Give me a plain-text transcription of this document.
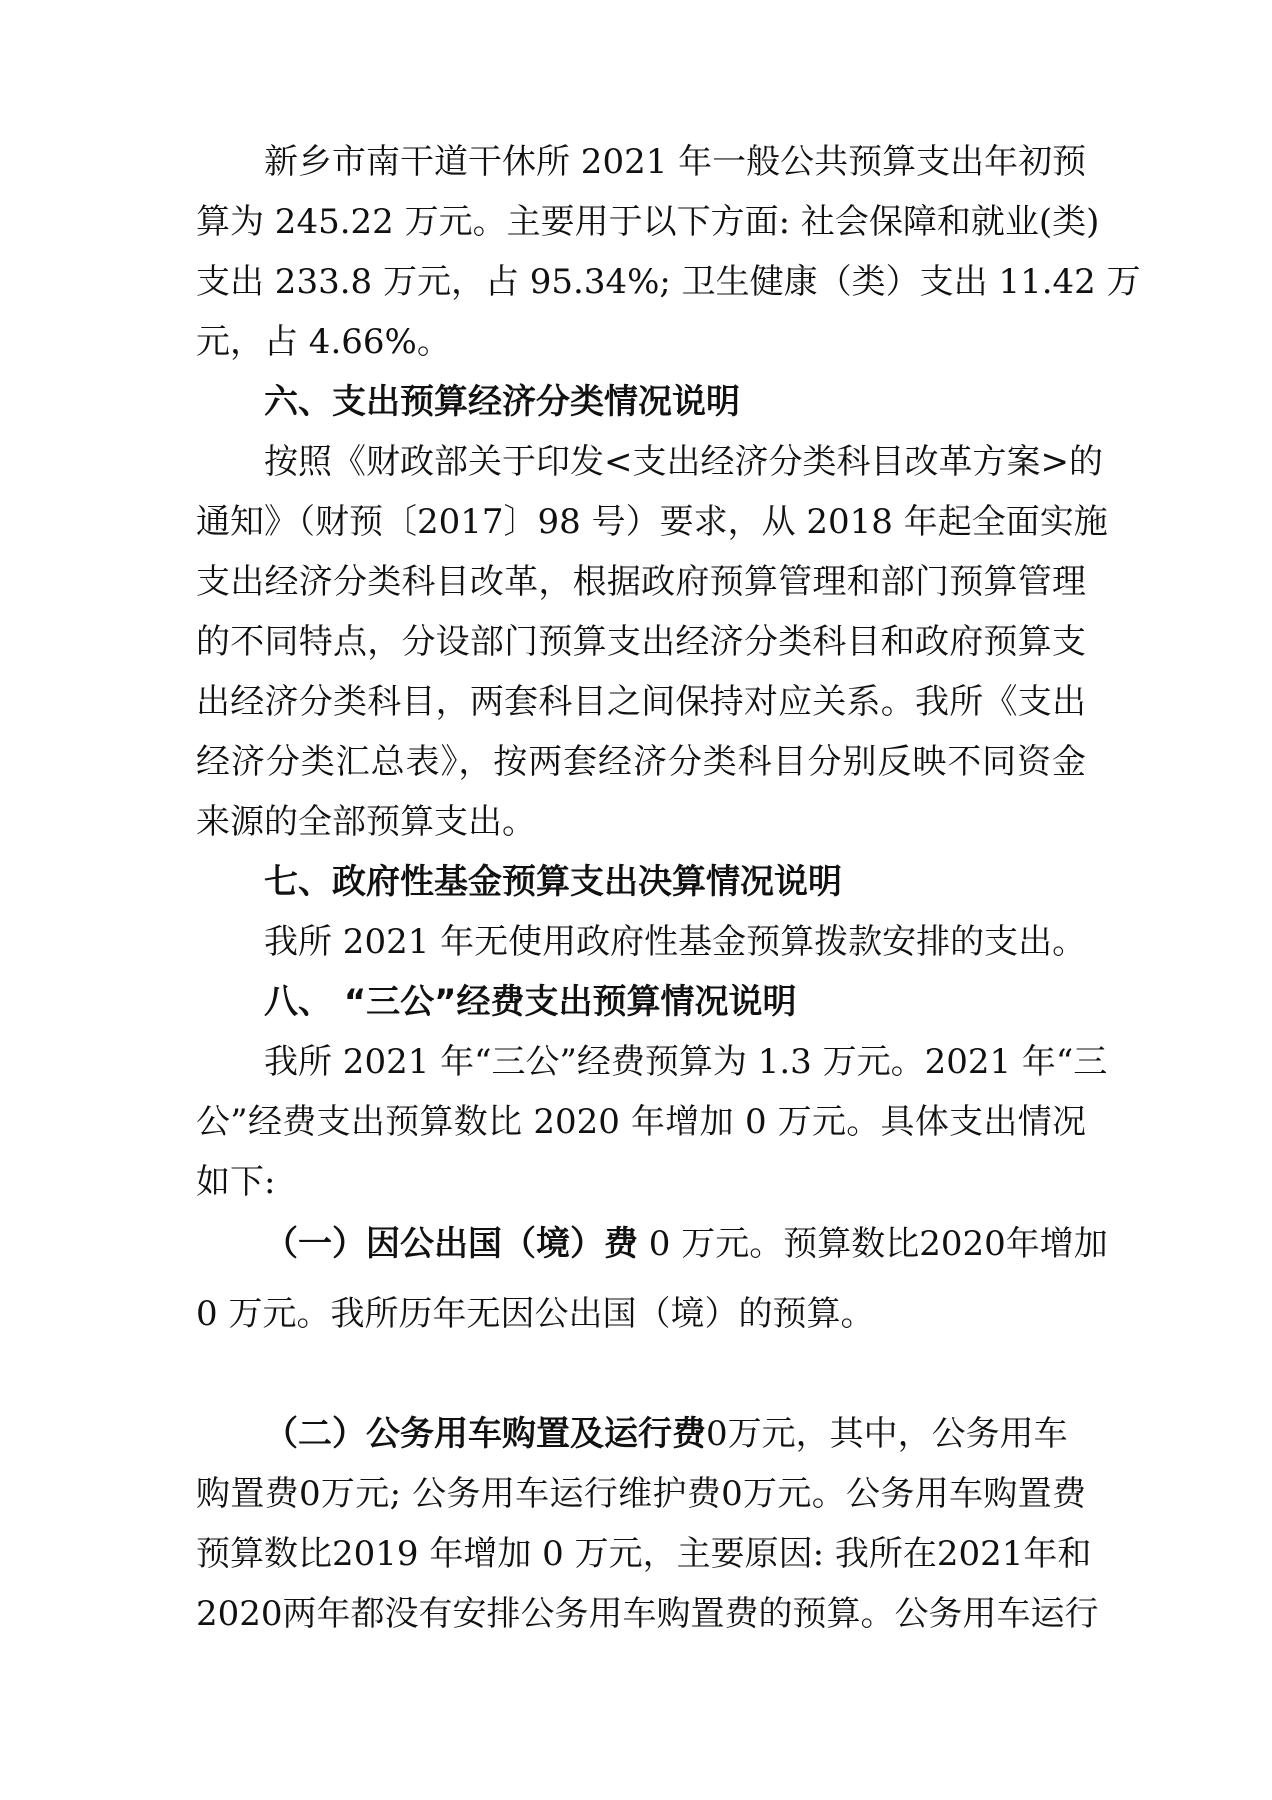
新乡市南干道干休所 2021 年一般公共预算支出年初预

算为 245.22 万元。主要用于以下方面: 社会保障和就业(类)

支出 233.8 万元，占 95.34%; 卫生健康（类）支出 11.42 万

元，占 4.66%。

六、支出预算经济分类情况说明

按照《财政部关于印发<支出经济分类科目改革方案>的

通知》（财预〔2017〕98 号）要求，从 2018 年起全面实施

支出经济分类科目改革，根据政府预算管理和部门预算管理

的不同特点，分设部门预算支出经济分类科目和政府预算支

出经济分类科目，两套科目之间保持对应关系。我所《支出

经济分类汇总表》，按两套经济分类科目分别反映不同资金

来源的全部预算支出。

七、政府性基金预算支出决算情况说明

我所 2021 年无使用政府性基金预算拨款安排的支出。

八、 “三公”经费支出预算情况说明

我所 2021 年“三公”经费预算为 1.3 万元。2021 年“三

公”经费支出预算数比 2020 年增加 0 万元。具体支出情况

如下:

（一）因公出国（境）费 0 万元。预算数比2020年增加

0 万元。我所历年无因公出国（境）的预算。

（二）公务用车购置及运行费0万元，其中，公务用车

购置费0万元; 公务用车运行维护费0万元。公务用车购置费

预算数比2019 年增加 0 万元，主要原因: 我所在2021年和

2020两年都没有安排公务用车购置费的预算。公务用车运行
